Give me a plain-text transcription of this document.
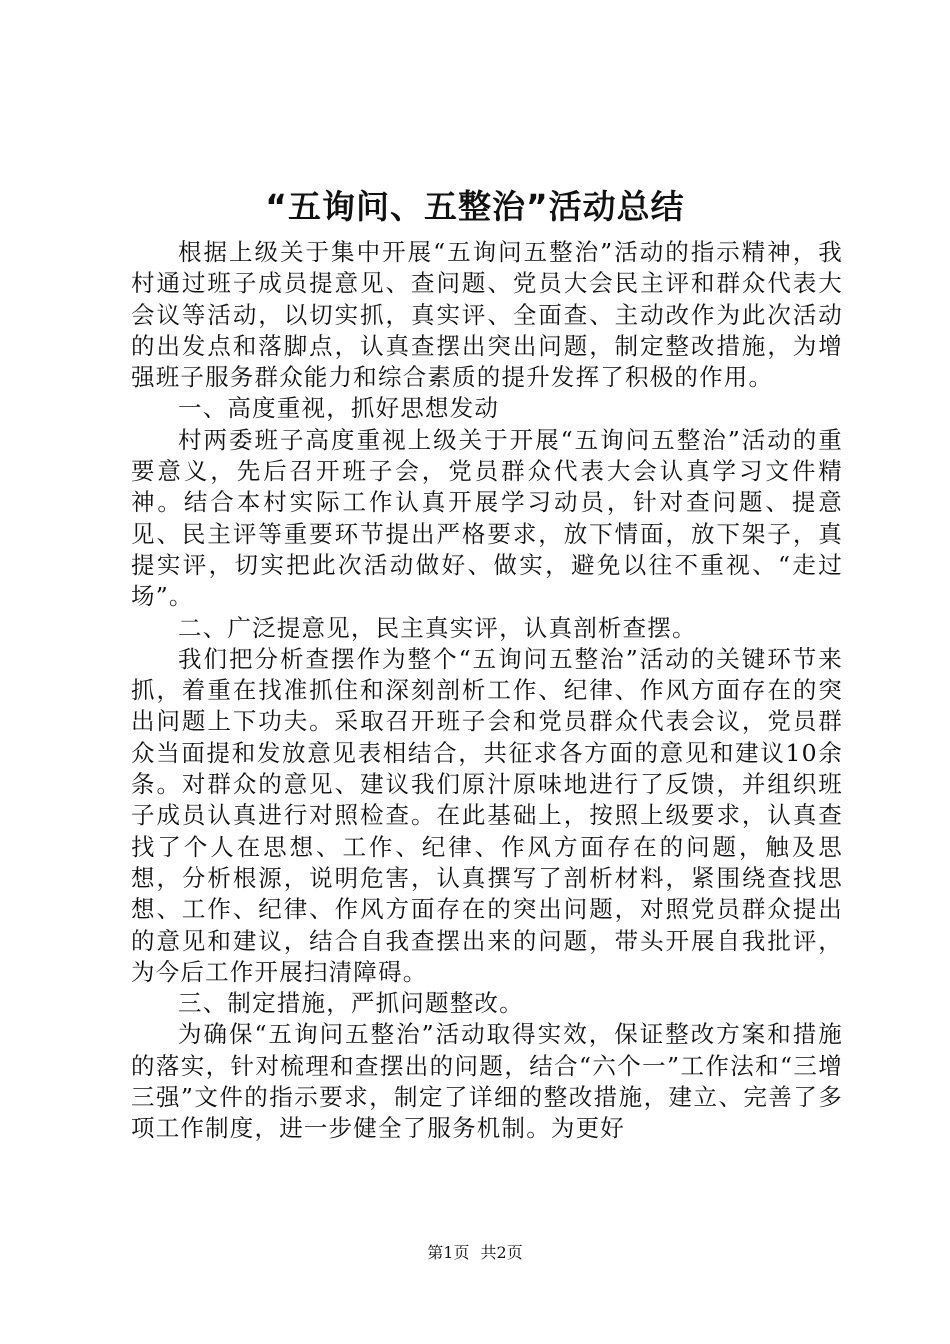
“五询问、五整治”活动总结

根据上级关于集中开展“五询问五整治”活动的指示精神，我村通过班子成员提意见、查问题、党员大会民主评和群众代表大会议等活动，以切实抓，真实评、全面查、主动改作为此次活动的出发点和落脚点，认真查摆出突出问题，制定整改措施，为增强班子服务群众能力和综合素质的提升发挥了积极的作用。

一、高度重视，抓好思想发动

村两委班子高度重视上级关于开展“五询问五整治”活动的重要意义，先后召开班子会，党员群众代表大会认真学习文件精神。结合本村实际工作认真开展学习动员，针对查问题、提意见、民主评等重要环节提出严格要求，放下情面，放下架子，真提实评，切实把此次活动做好、做实，避免以往不重视、“走过场”。

二、广泛提意见，民主真实评，认真剖析查摆。

我们把分析查摆作为整个“五询问五整治”活动的关键环节来抓，着重在找准抓住和深刻剖析工作、纪律、作风方面存在的突出问题上下功夫。采取召开班子会和党员群众代表会议，党员群众当面提和发放意见表相结合，共征求各方面的意见和建议10余条。对群众的意见、建议我们原汁原味地进行了反馈，并组织班子成员认真进行对照检查。在此基础上，按照上级要求，认真查找了个人在思想、工作、纪律、作风方面存在的问题，触及思想，分析根源，说明危害，认真撰写了剖析材料，紧围绕查找思想、工作、纪律、作风方面存在的突出问题，对照党员群众提出的意见和建议，结合自我查摆出来的问题，带头开展自我批评，为今后工作开展扫清障碍。

三、制定措施，严抓问题整改。

为确保“五询问五整治”活动取得实效，保证整改方案和措施的落实，针对梳理和查摆出的问题，结合“六个一”工作法和“三增三强”文件的指示要求，制定了详细的整改措施，建立、完善了多项工作制度，进一步健全了服务机制。为更好

第1页 共2页
